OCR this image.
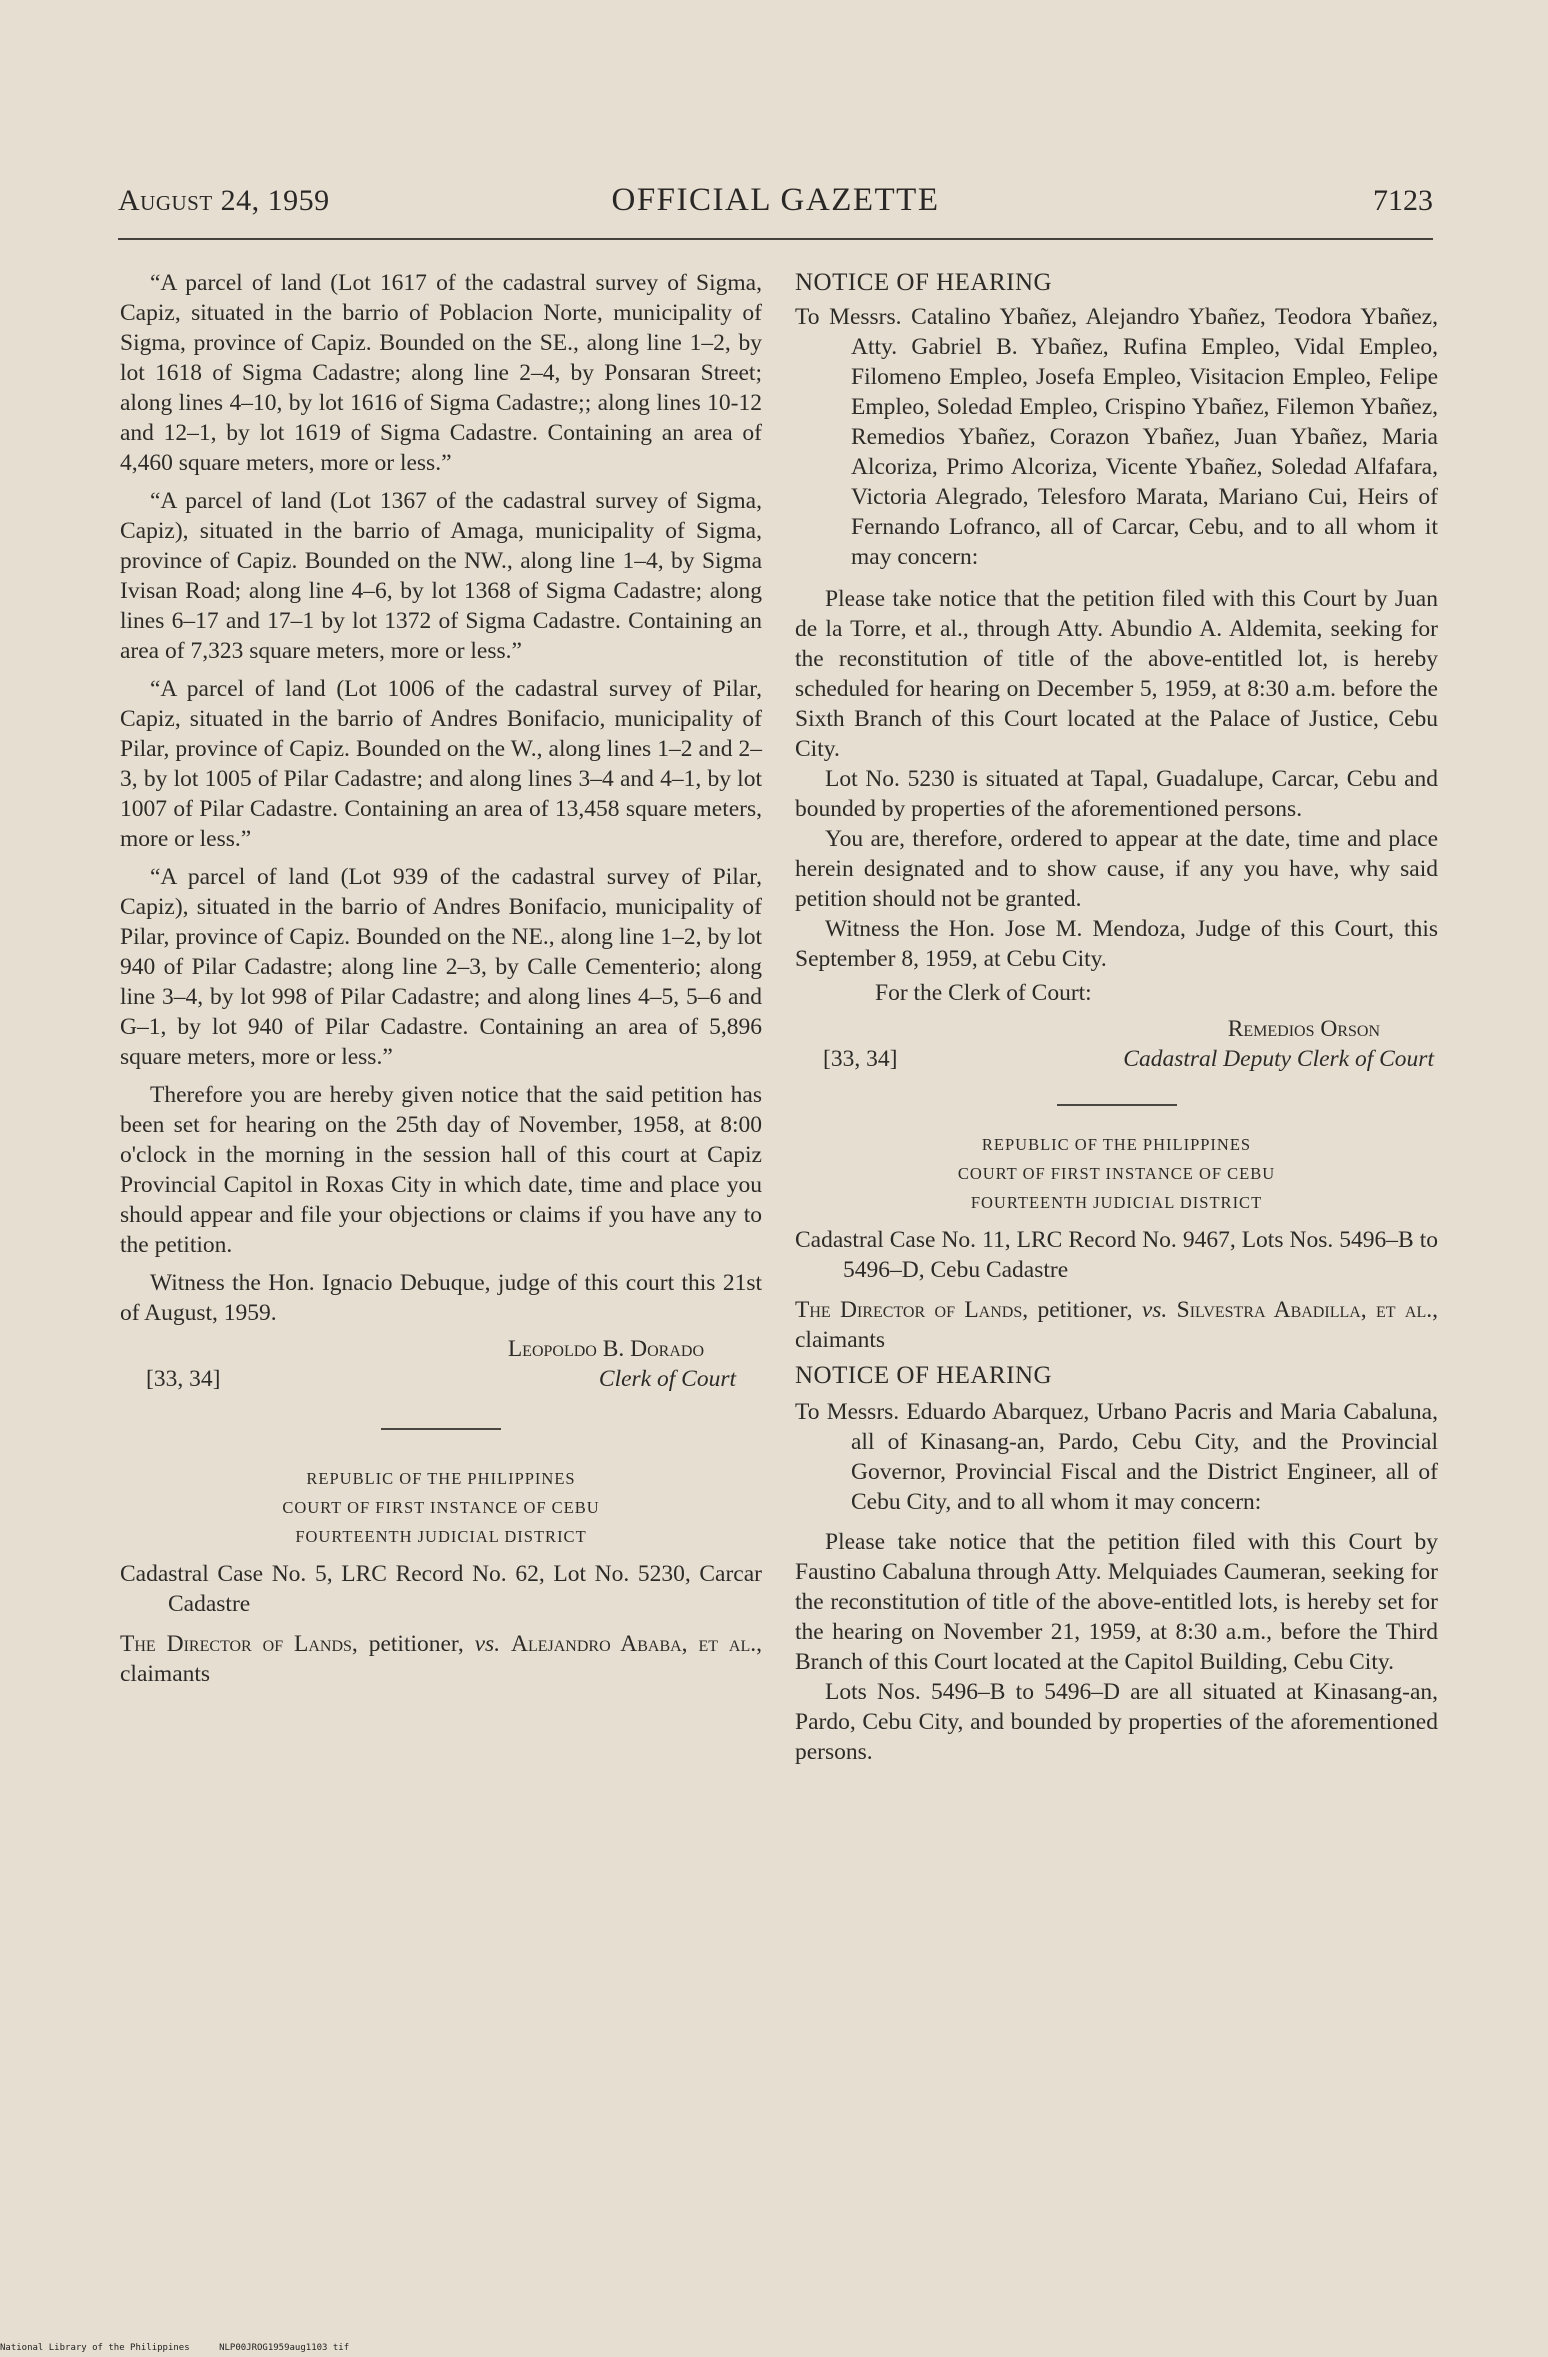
August 24, 1959	OFFICIAL GAZETTE	7123

“A parcel of land (Lot 1617 of the cadastral survey of Sigma, Capiz, situated in the barrio of Poblacion Norte, municipality of Sigma, province of Capiz. Bounded on the SE., along line 1–2, by lot 1618 of Sigma Cadastre; along line 2–4, by Ponsaran Street; along lines 4–10, by lot 1616 of Sigma Cadastre;; along lines 10-12 and 12–1, by lot 1619 of Sigma Cadastre. Containing an area of 4,460 square meters, more or less.”

“A parcel of land (Lot 1367 of the cadastral survey of Sigma, Capiz), situated in the barrio of Amaga, municipality of Sigma, province of Capiz. Bounded on the NW., along line 1–4, by Sigma Ivisan Road; along line 4–6, by lot 1368 of Sigma Cadastre; along lines 6–17 and 17–1 by lot 1372 of Sigma Cadastre. Containing an area of 7,323 square meters, more or less.”

“A parcel of land (Lot 1006 of the cadastral survey of Pilar, Capiz, situated in the barrio of Andres Bonifacio, municipality of Pilar, province of Capiz. Bounded on the W., along lines 1–2 and 2–3, by lot 1005 of Pilar Cadastre; and along lines 3–4 and 4–1, by lot 1007 of Pilar Cadastre. Containing an area of 13,458 square meters, more or less.”

“A parcel of land (Lot 939 of the cadastral survey of Pilar, Capiz), situated in the barrio of Andres Bonifacio, municipality of Pilar, province of Capiz. Bounded on the NE., along line 1–2, by lot 940 of Pilar Cadastre; along line 2–3, by Calle Cementerio; along line 3–4, by lot 998 of Pilar Cadastre; and along lines 4–5, 5–6 and G–1, by lot 940 of Pilar Cadastre. Containing an area of 5,896 square meters, more or less.”

Therefore you are hereby given notice that the said petition has been set for hearing on the 25th day of November, 1958, at 8:00 o'clock in the morning in the session hall of this court at Capiz Provincial Capitol in Roxas City in which date, time and place you should appear and file your objections or claims if you have any to the petition.

Witness the Hon. Ignacio Debuque, judge of this court this 21st of August, 1959.

Leopoldo B. Dorado
[33, 34]	Clerk of Court
REPUBLIC OF THE PHILIPPINES
COURT OF FIRST INSTANCE OF CEBU
FOURTEENTH JUDICIAL DISTRICT

Cadastral Case No. 5, LRC Record No. 62, Lot No. 5230, Carcar Cadastre

The Director of Lands, petitioner, vs. Alejandro Ababa, et al., claimants

NOTICE OF HEARING

To Messrs. Catalino Ybañez, Alejandro Ybañez, Teodora Ybañez, Atty. Gabriel B. Ybañez, Rufina Empleo, Vidal Empleo, Filomeno Empleo, Josefa Empleo, Visitacion Empleo, Felipe Empleo, Soledad Empleo, Crispino Ybañez, Filemon Ybañez, Remedios Ybañez, Corazon Ybañez, Juan Ybañez, Maria Alcoriza, Primo Alcoriza, Vicente Ybañez, Soledad Alfafara, Victoria Alegrado, Telesforo Marata, Mariano Cui, Heirs of Fernando Lofranco, all of Carcar, Cebu, and to all whom it may concern:

Please take notice that the petition filed with this Court by Juan de la Torre, et al., through Atty. Abundio A. Aldemita, seeking for the reconstitution of title of the above-entitled lot, is hereby scheduled for hearing on December 5, 1959, at 8:30 a.m. before the Sixth Branch of this Court located at the Palace of Justice, Cebu City.

Lot No. 5230 is situated at Tapal, Guadalupe, Carcar, Cebu and bounded by properties of the aforementioned persons.

You are, therefore, ordered to appear at the date, time and place herein designated and to show cause, if any you have, why said petition should not be granted.

Witness the Hon. Jose M. Mendoza, Judge of this Court, this September 8, 1959, at Cebu City.

For the Clerk of Court:

Remedios Orson
[33, 34]	Cadastral Deputy Clerk of Court
REPUBLIC OF THE PHILIPPINES
COURT OF FIRST INSTANCE OF CEBU
FOURTEENTH JUDICIAL DISTRICT

Cadastral Case No. 11, LRC Record No. 9467, Lots Nos. 5496–B to 5496–D, Cebu Cadastre

The Director of Lands, petitioner, vs. Silvestra Abadilla, et al., claimants

NOTICE OF HEARING

To Messrs. Eduardo Abarquez, Urbano Pacris and Maria Cabaluna, all of Kinasang-an, Pardo, Cebu City, and the Provincial Governor, Provincial Fiscal and the District Engineer, all of Cebu City, and to all whom it may concern:

Please take notice that the petition filed with this Court by Faustino Cabaluna through Atty. Melquiades Caumeran, seeking for the reconstitution of title of the above-entitled lots, is hereby set for the hearing on November 21, 1959, at 8:30 a.m., before the Third Branch of this Court located at the Capitol Building, Cebu City.

Lots Nos. 5496–B to 5496–D are all situated at Kinasang-an, Pardo, Cebu City, and bounded by properties of the aforementioned persons.

National Library of the Philippines	NLP00JROG1959aug1103 tif
